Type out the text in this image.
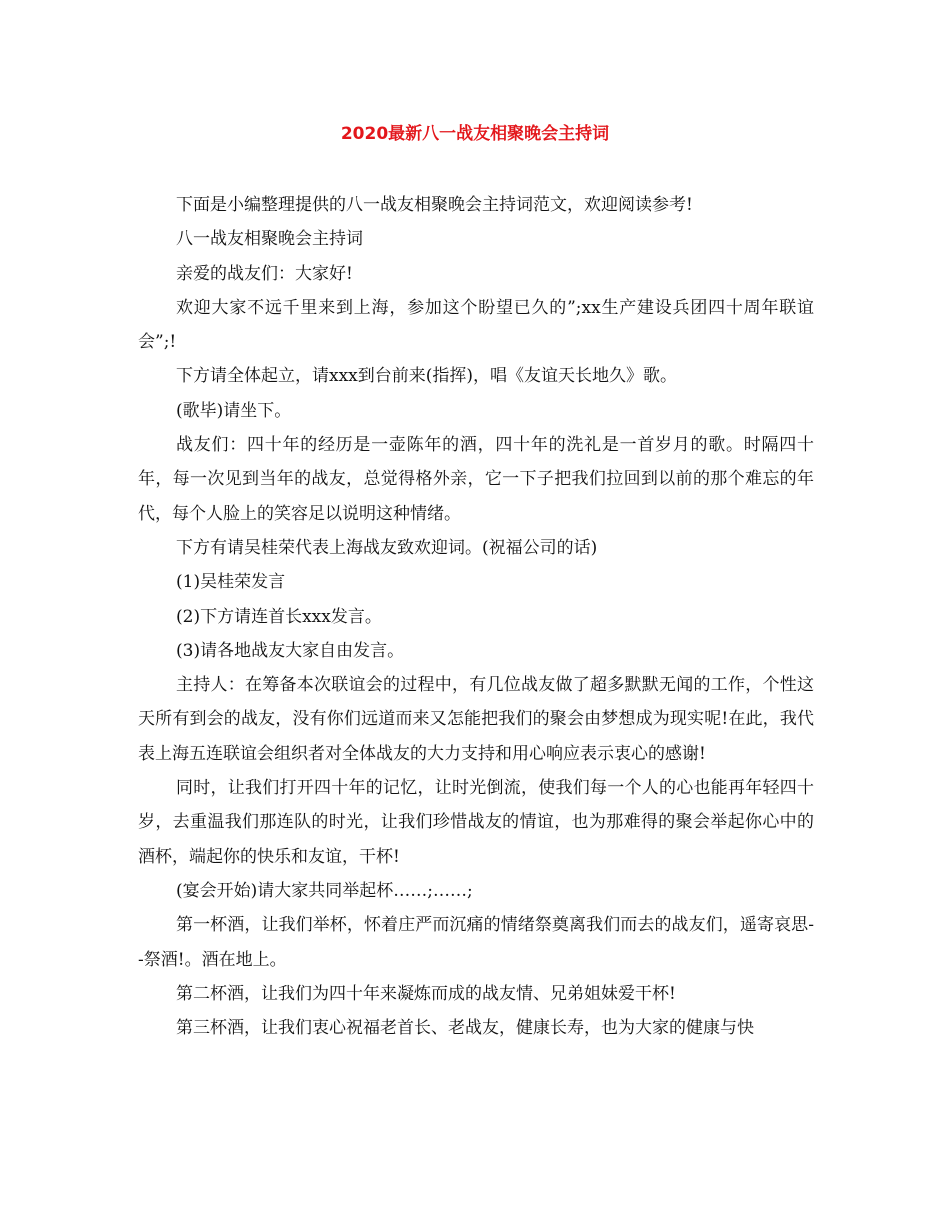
2020最新八一战友相聚晚会主持词

下面是小编整理提供的八一战友相聚晚会主持词范文，欢迎阅读参考!

八一战友相聚晚会主持词

亲爱的战友们：大家好!

欢迎大家不远千里来到上海，参加这个盼望已久的”;xx生产建设兵团四十周年联谊会”;!

下方请全体起立，请xxx到台前来(指挥)，唱《友谊天长地久》歌。

(歌毕)请坐下。

战友们：四十年的经历是一壶陈年的酒，四十年的洗礼是一首岁月的歌。时隔四十年，每一次见到当年的战友，总觉得格外亲，它一下子把我们拉回到以前的那个难忘的年代，每个人脸上的笑容足以说明这种情绪。

下方有请吴桂荣代表上海战友致欢迎词。(祝福公司的话)

(1)吴桂荣发言

(2)下方请连首长xxx发言。

(3)请各地战友大家自由发言。

主持人：在筹备本次联谊会的过程中，有几位战友做了超多默默无闻的工作，个性这天所有到会的战友，没有你们远道而来又怎能把我们的聚会由梦想成为现实呢!在此，我代表上海五连联谊会组织者对全体战友的大力支持和用心响应表示衷心的感谢!

同时，让我们打开四十年的记忆，让时光倒流，使我们每一个人的心也能再年轻四十岁，去重温我们那连队的时光，让我们珍惜战友的情谊，也为那难得的聚会举起你心中的酒杯，端起你的快乐和友谊，干杯!

(宴会开始)请大家共同举起杯……;……;

第一杯酒，让我们举杯，怀着庄严而沉痛的情绪祭奠离我们而去的战友们，遥寄哀思--祭酒!。酒在地上。

第二杯酒，让我们为四十年来凝炼而成的战友情、兄弟姐妹爱干杯!

第三杯酒，让我们衷心祝福老首长、老战友，健康长寿，也为大家的健康与快
